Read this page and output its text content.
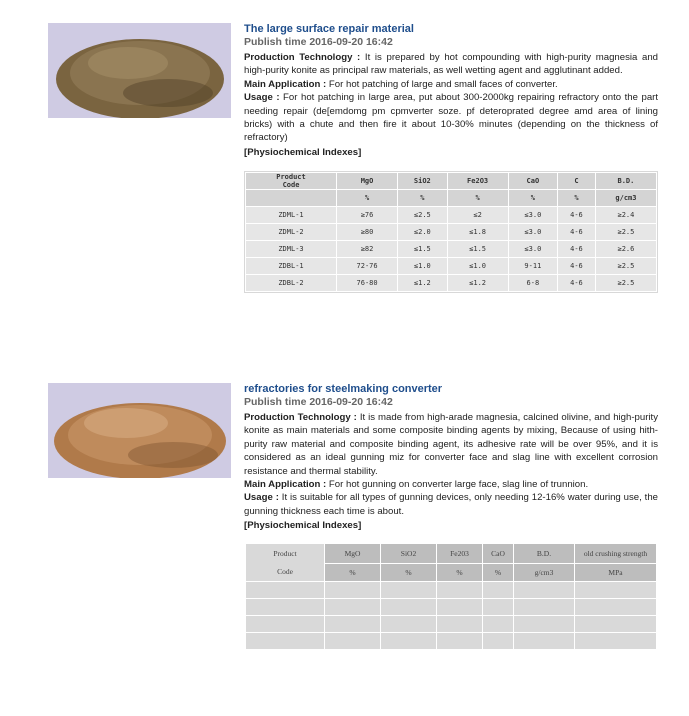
The large surface repair material
Publish time 2016-09-20 16:42

Production Technology : It is prepared by hot compounding with high-purity magnesia and high-purity konite as principal raw materials, as well wetting agent and agglutinant added.

Main Application : For hot patching of large and small faces of converter.

Usage : For hot patching in large area, put about 300-2000kg repairing refractory onto the part needing repair (de[emdomg pm cpmverter soze. pf deteroprated degree amd area of lining bricks) with a chute and then fire it about 10-30% minutes (depending on the thickness of refractory)

[Physiochemical Indexes]
Product
Code	MgO	SiO2	Fe2O3	CaO	C	B.D.
	%	%	%	%	%	g/cm3
ZDML-1	≥76	≤2.5	≤2	≤3.0	4-6	≥2.4
ZDML-2	≥80	≤2.0	≤1.8	≤3.0	4-6	≥2.5
ZDML-3	≥82	≤1.5	≤1.5	≤3.0	4-6	≥2.6
ZDBL-1	72-76	≤1.0	≤1.0	9-11	4-6	≥2.5
ZDBL-2	76-80	≤1.2	≤1.2	6-8	4-6	≥2.5
refractories for steelmaking converter
Publish time 2016-09-20 16:42

Production Technology : It is made from high-arade magnesia, calcined olivine, and high-purity konite as main materials and some composite binding agents by mixing, Because of using hith-purity raw material and composite binding agent, its adhesive rate will be over 95%, and it is considered as an ideal gunning miz for converter face and slag line with excellent corrosion resistance and thermal stability.

Main Application : For hot gunning on converter large face, slag line of trunnion.

Usage : It is suitable for all types of gunning devices, only needing 12-16% water during use, the gunning thickness each time is about.

[Physiochemical Indexes]
Product

Code	MgO	SiO2	Fe203	CaO	B.D.	old crushing strength
	%	%	%	%	g/cm3	MPa
